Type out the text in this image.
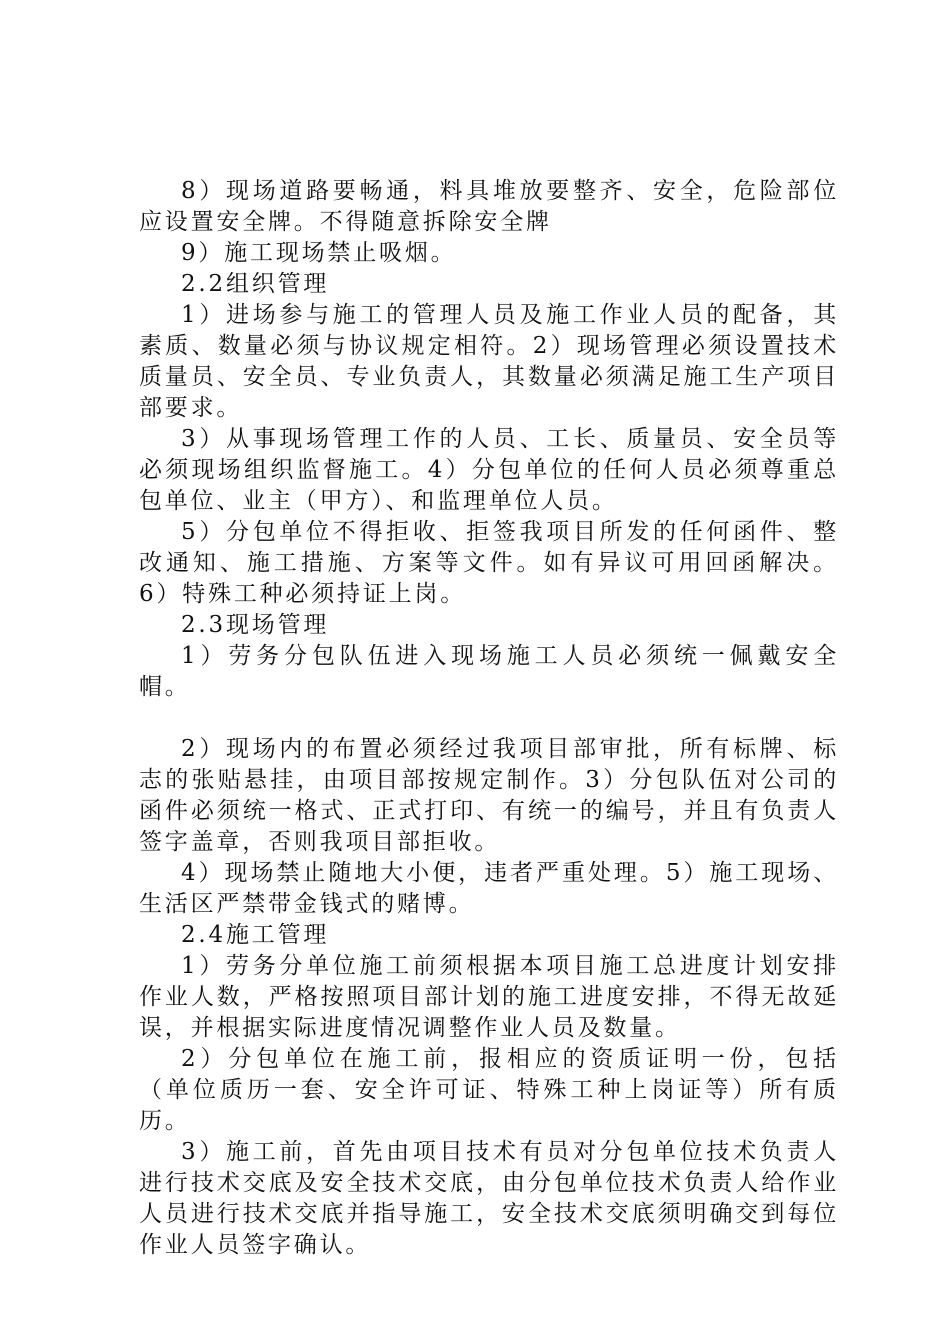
8）现场道路要畅通，料具堆放要整齐、安全，危险部位应设置安全牌。不得随意拆除安全牌

9）施工现场禁止吸烟。

2.2组织管理

1）进场参与施工的管理人员及施工作业人员的配备，其素质、数量必须与协议规定相符。2）现场管理必须设置技术质量员、安全员、专业负责人，其数量必须满足施工生产项目部要求。

3）从事现场管理工作的人员、工长、质量员、安全员等必须现场组织监督施工。4）分包单位的任何人员必须尊重总包单位、业主（甲方）、和监理单位人员。

5）分包单位不得拒收、拒签我项目所发的任何函件、整改通知、施工措施、方案等文件。如有异议可用回函解决。6）特殊工种必须持证上岗。

2.3现场管理

1）劳务分包队伍进入现场施工人员必须统一佩戴安全帽。

2）现场内的布置必须经过我项目部审批，所有标牌、标志的张贴悬挂，由项目部按规定制作。3）分包队伍对公司的函件必须统一格式、正式打印、有统一的编号，并且有负责人签字盖章，否则我项目部拒收。

4）现场禁止随地大小便，违者严重处理。5）施工现场、生活区严禁带金钱式的赌博。

2.4施工管理

1）劳务分单位施工前须根据本项目施工总进度计划安排作业人数，严格按照项目部计划的施工进度安排，不得无故延误，并根据实际进度情况调整作业人员及数量。

2）分包单位在施工前，报相应的资质证明一份，包括（单位质历一套、安全许可证、特殊工种上岗证等）所有质历。

3）施工前，首先由项目技术有员对分包单位技术负责人进行技术交底及安全技术交底，由分包单位技术负责人给作业人员进行技术交底并指导施工，安全技术交底须明确交到每位作业人员签字确认。
